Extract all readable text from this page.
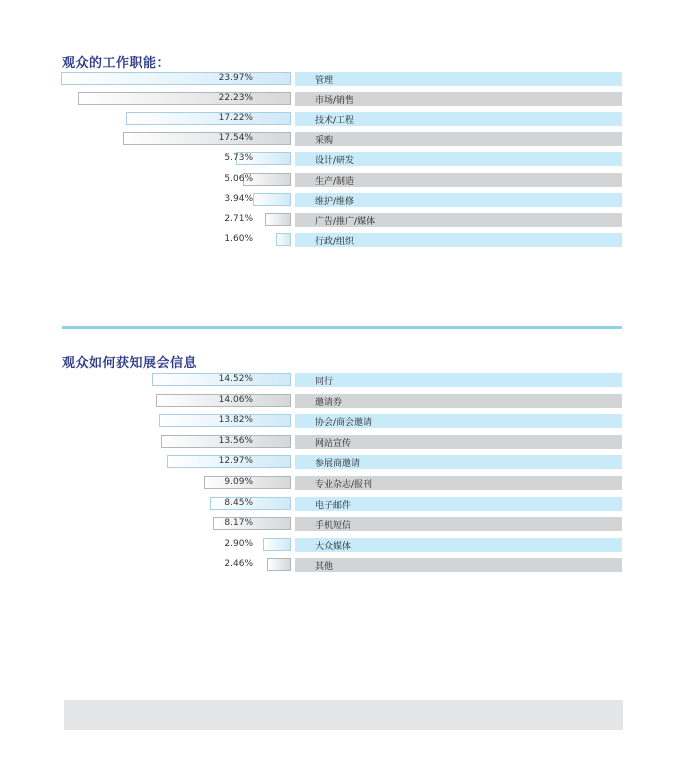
观众的工作职能：
23.97%	管理
22.23%	市场/销售
17.22%	技术/工程
17.54%	采购
5.73%	设计/研发
5.06%	生产/制造
3.94%	维护/维修
2.71%	广告/推广/媒体
1.60%	行政/组织
观众如何获知展会信息
14.52%	同行
14.06%	邀请券
13.82%	协会/商会邀请
13.56%	网站宣传
12.97%	参展商邀请
9.09%	专业杂志/报刊
8.45%	电子邮件
8.17%	手机短信
2.90%	大众媒体
2.46%	其他
